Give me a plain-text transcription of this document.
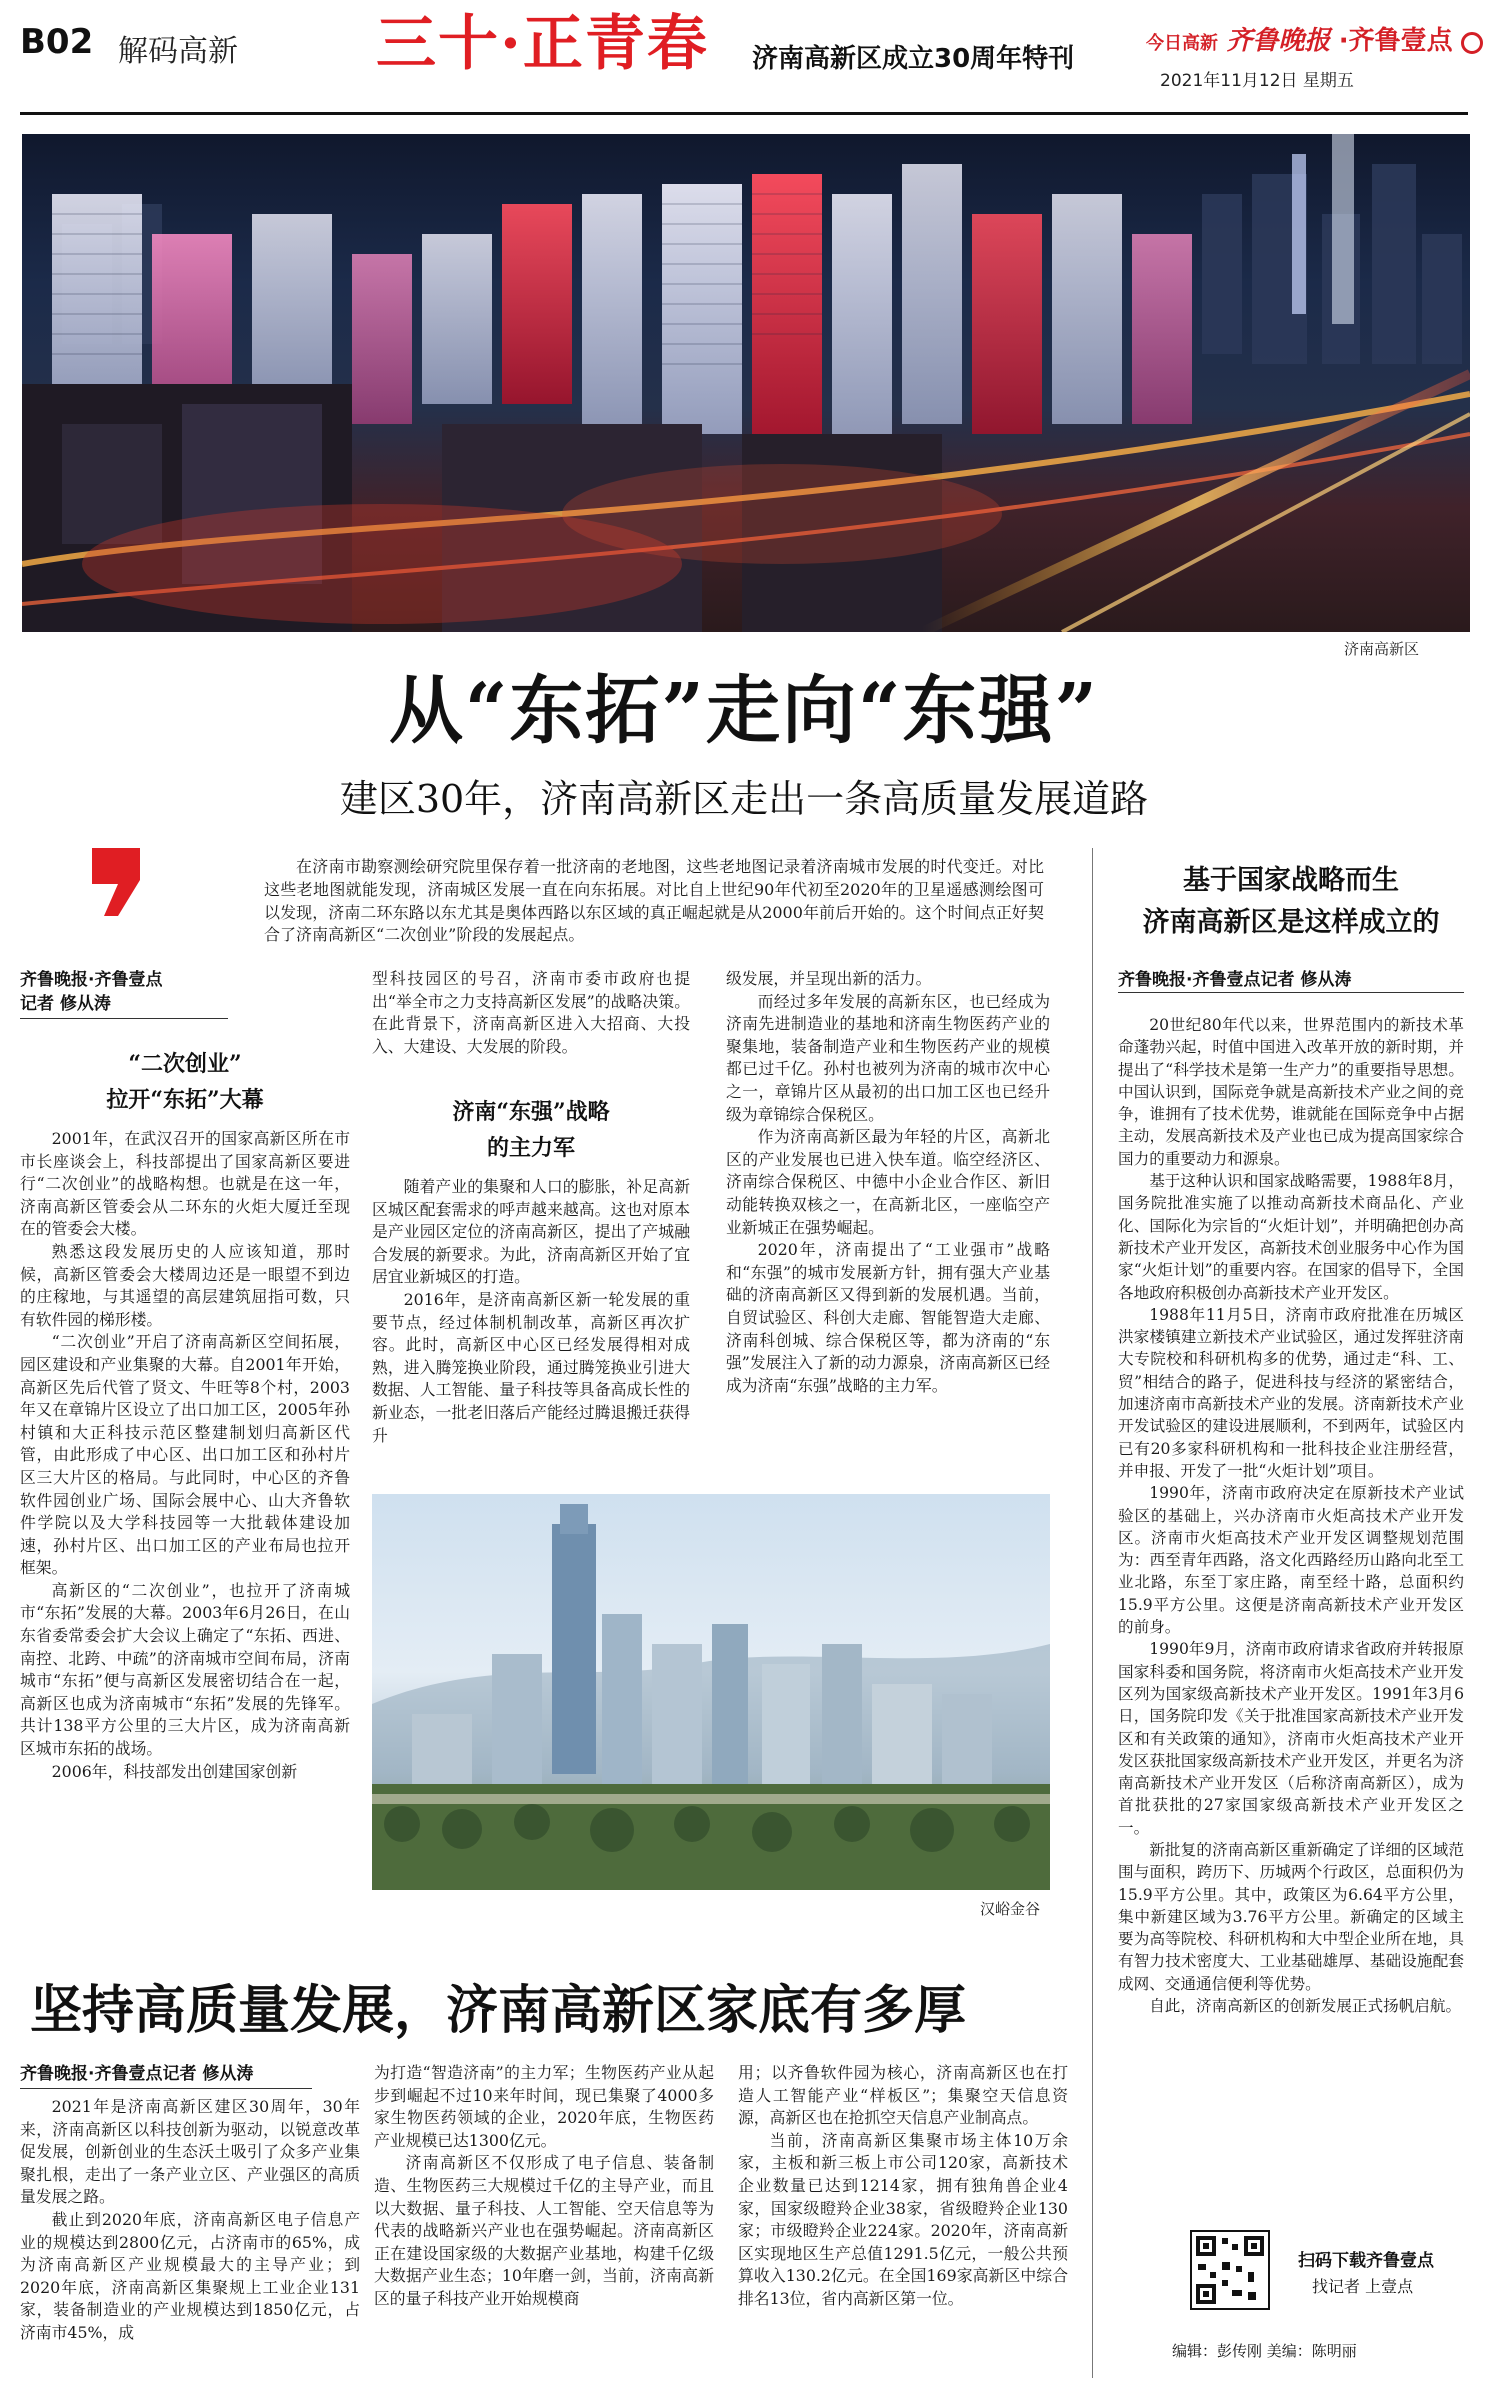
B02 解码高新 三十·正青春 济南高新区成立30周年特刊
今日高新 齐鲁晚报 ·齐鲁壹点
2021年11月12日 星期五
济南高新区
从“东拓”走向“东强”
建区30年，济南高新区走出一条高质量发展道路
在济南市勘察测绘研究院里保存着一批济南的老地图，这些老地图记录着济南城市发展的时代变迁。对比这些老地图就能发现，济南城区发展一直在向东拓展。对比自上世纪90年代初至2020年的卫星遥感测绘图可以发现，济南二环东路以东尤其是奥体西路以东区域的真正崛起就是从2000年前后开始的。这个时间点正好契合了济南高新区“二次创业”阶段的发展起点。
齐鲁晚报·齐鲁壹点
记者 修从涛
“二次创业”
拉开“东拓”大幕

2001年，在武汉召开的国家高新区所在市市长座谈会上，科技部提出了国家高新区要进行“二次创业”的战略构想。也就是在这一年，济南高新区管委会从二环东的火炬大厦迁至现在的管委会大楼。

熟悉这段发展历史的人应该知道，那时候，高新区管委会大楼周边还是一眼望不到边的庄稼地，与其遥望的高层建筑屈指可数，只有软件园的梯形楼。

“二次创业”开启了济南高新区空间拓展，园区建设和产业集聚的大幕。自2001年开始，高新区先后代管了贤文、牛旺等8个村，2003年又在章锦片区设立了出口加工区，2005年孙村镇和大正科技示范区整建制划归高新区代管，由此形成了中心区、出口加工区和孙村片区三大片区的格局。与此同时，中心区的齐鲁软件园创业广场、国际会展中心、山大齐鲁软件学院以及大学科技园等一大批载体建设加速，孙村片区、出口加工区的产业布局也拉开框架。

高新区的“二次创业”，也拉开了济南城市“东拓”发展的大幕。2003年6月26日，在山东省委常委会扩大会议上确定了“东拓、西进、南控、北跨、中疏”的济南城市空间布局，济南城市“东拓”便与高新区发展密切结合在一起，高新区也成为济南城市“东拓”发展的先锋军。共计138平方公里的三大片区，成为济南高新区城市东拓的战场。

2006年，科技部发出创建国家创新

型科技园区的号召，济南市委市政府也提出“举全市之力支持高新区发展”的战略决策。在此背景下，济南高新区进入大招商、大投入、大建设、大发展的阶段。

济南“东强”战略
的主力军

随着产业的集聚和人口的膨胀，补足高新区城区配套需求的呼声越来越高。这也对原本是产业园区定位的济南高新区，提出了产城融合发展的新要求。为此，济南高新区开始了宜居宜业新城区的打造。

2016年，是济南高新区新一轮发展的重要节点，经过体制机制改革，高新区再次扩容。此时，高新区中心区已经发展得相对成熟，进入腾笼换业阶段，通过腾笼换业引进大数据、人工智能、量子科技等具备高成长性的新业态，一批老旧落后产能经过腾退搬迁获得升

级发展，并呈现出新的活力。

而经过多年发展的高新东区，也已经成为济南先进制造业的基地和济南生物医药产业的聚集地，装备制造产业和生物医药产业的规模都已过千亿。孙村也被列为济南的城市次中心之一，章锦片区从最初的出口加工区也已经升级为章锦综合保税区。

作为济南高新区最为年轻的片区，高新北区的产业发展也已进入快车道。临空经济区、济南综合保税区、中德中小企业合作区、新旧动能转换双核之一，在高新北区，一座临空产业新城正在强势崛起。

2020年，济南提出了“工业强市”战略和“东强”的城市发展新方针，拥有强大产业基础的济南高新区又得到新的发展机遇。当前，自贸试验区、科创大走廊、智能智造大走廊、济南科创城、综合保税区等，都为济南的“东强”发展注入了新的动力源泉，济南高新区已经成为济南“东强”战略的主力军。

汉峪金谷
基于国家战略而生
济南高新区是这样成立的
齐鲁晚报·齐鲁壹点记者 修从涛

20世纪80年代以来，世界范围内的新技术革命蓬勃兴起，时值中国进入改革开放的新时期，并提出了“科学技术是第一生产力”的重要指导思想。中国认识到，国际竞争就是高新技术产业之间的竞争，谁拥有了技术优势，谁就能在国际竞争中占据主动，发展高新技术及产业也已成为提高国家综合国力的重要动力和源泉。

基于这种认识和国家战略需要，1988年8月，国务院批准实施了以推动高新技术商品化、产业化、国际化为宗旨的“火炬计划”，并明确把创办高新技术产业开发区，高新技术创业服务中心作为国家“火炬计划”的重要内容。在国家的倡导下，全国各地政府积极创办高新技术产业开发区。

1988年11月5日，济南市政府批准在历城区洪家楼镇建立新技术产业试验区，通过发挥驻济南大专院校和科研机构多的优势，通过走“科、工、贸”相结合的路子，促进科技与经济的紧密结合，加速济南市高新技术产业的发展。济南新技术产业开发试验区的建设进展顺利，不到两年，试验区内已有20多家科研机构和一批科技企业注册经营，并申报、开发了一批“火炬计划”项目。

1990年，济南市政府决定在原新技术产业试验区的基础上，兴办济南市火炬高技术产业开发区。济南市火炬高技术产业开发区调整规划范围为：西至青年西路，洛文化西路经历山路向北至工业北路，东至丁家庄路，南至经十路，总面积约15.9平方公里。这便是济南高新技术产业开发区的前身。

1990年9月，济南市政府请求省政府并转报原国家科委和国务院，将济南市火炬高技术产业开发区列为国家级高新技术产业开发区。1991年3月6日，国务院印发《关于批准国家高新技术产业开发区和有关政策的通知》，济南市火炬高技术产业开发区获批国家级高新技术产业开发区，并更名为济南高新技术产业开发区（后称济南高新区），成为首批获批的27家国家级高新技术产业开发区之一。

新批复的济南高新区重新确定了详细的区域范围与面积，跨历下、历城两个行政区，总面积仍为15.9平方公里。其中，政策区为6.64平方公里，集中新建区域为3.76平方公里。新确定的区域主要为高等院校、科研机构和大中型企业所在地，具有智力技术密度大、工业基础雄厚、基础设施配套成网、交通通信便利等优势。

自此，济南高新区的创新发展正式扬帆启航。

扫码下载齐鲁壹点
找记者 上壹点
编辑：彭传刚 美编：陈明丽
坚持高质量发展，济南高新区家底有多厚
齐鲁晚报·齐鲁壹点记者 修从涛

2021年是济南高新区建区30周年，30年来，济南高新区以科技创新为驱动，以锐意改革促发展，创新创业的生态沃土吸引了众多产业集聚扎根，走出了一条产业立区、产业强区的高质量发展之路。

截止到2020年底，济南高新区电子信息产业的规模达到2800亿元，占济南市的65%，成为济南高新区产业规模最大的主导产业；到2020年底，济南高新区集聚规上工业企业131家，装备制造业的产业规模达到1850亿元，占济南市45%，成

为打造“智造济南”的主力军；生物医药产业从起步到崛起不过10来年时间，现已集聚了4000多家生物医药领域的企业，2020年底，生物医药产业规模已达1300亿元。

济南高新区不仅形成了电子信息、装备制造、生物医药三大规模过千亿的主导产业，而且以大数据、量子科技、人工智能、空天信息等为代表的战略新兴产业也在强势崛起。济南高新区正在建设国家级的大数据产业基地，构建千亿级大数据产业生态；10年磨一剑，当前，济南高新区的量子科技产业开始规模商

用；以齐鲁软件园为核心，济南高新区也在打造人工智能产业“样板区”；集聚空天信息资源，高新区也在抢抓空天信息产业制高点。

当前，济南高新区集聚市场主体10万余家，主板和新三板上市公司120家，高新技术企业数量已达到1214家，拥有独角兽企业4家，国家级瞪羚企业38家，省级瞪羚企业130家；市级瞪羚企业224家。2020年，济南高新区实现地区生产总值1291.5亿元，一般公共预算收入130.2亿元。在全国169家高新区中综合排名13位，省内高新区第一位。
